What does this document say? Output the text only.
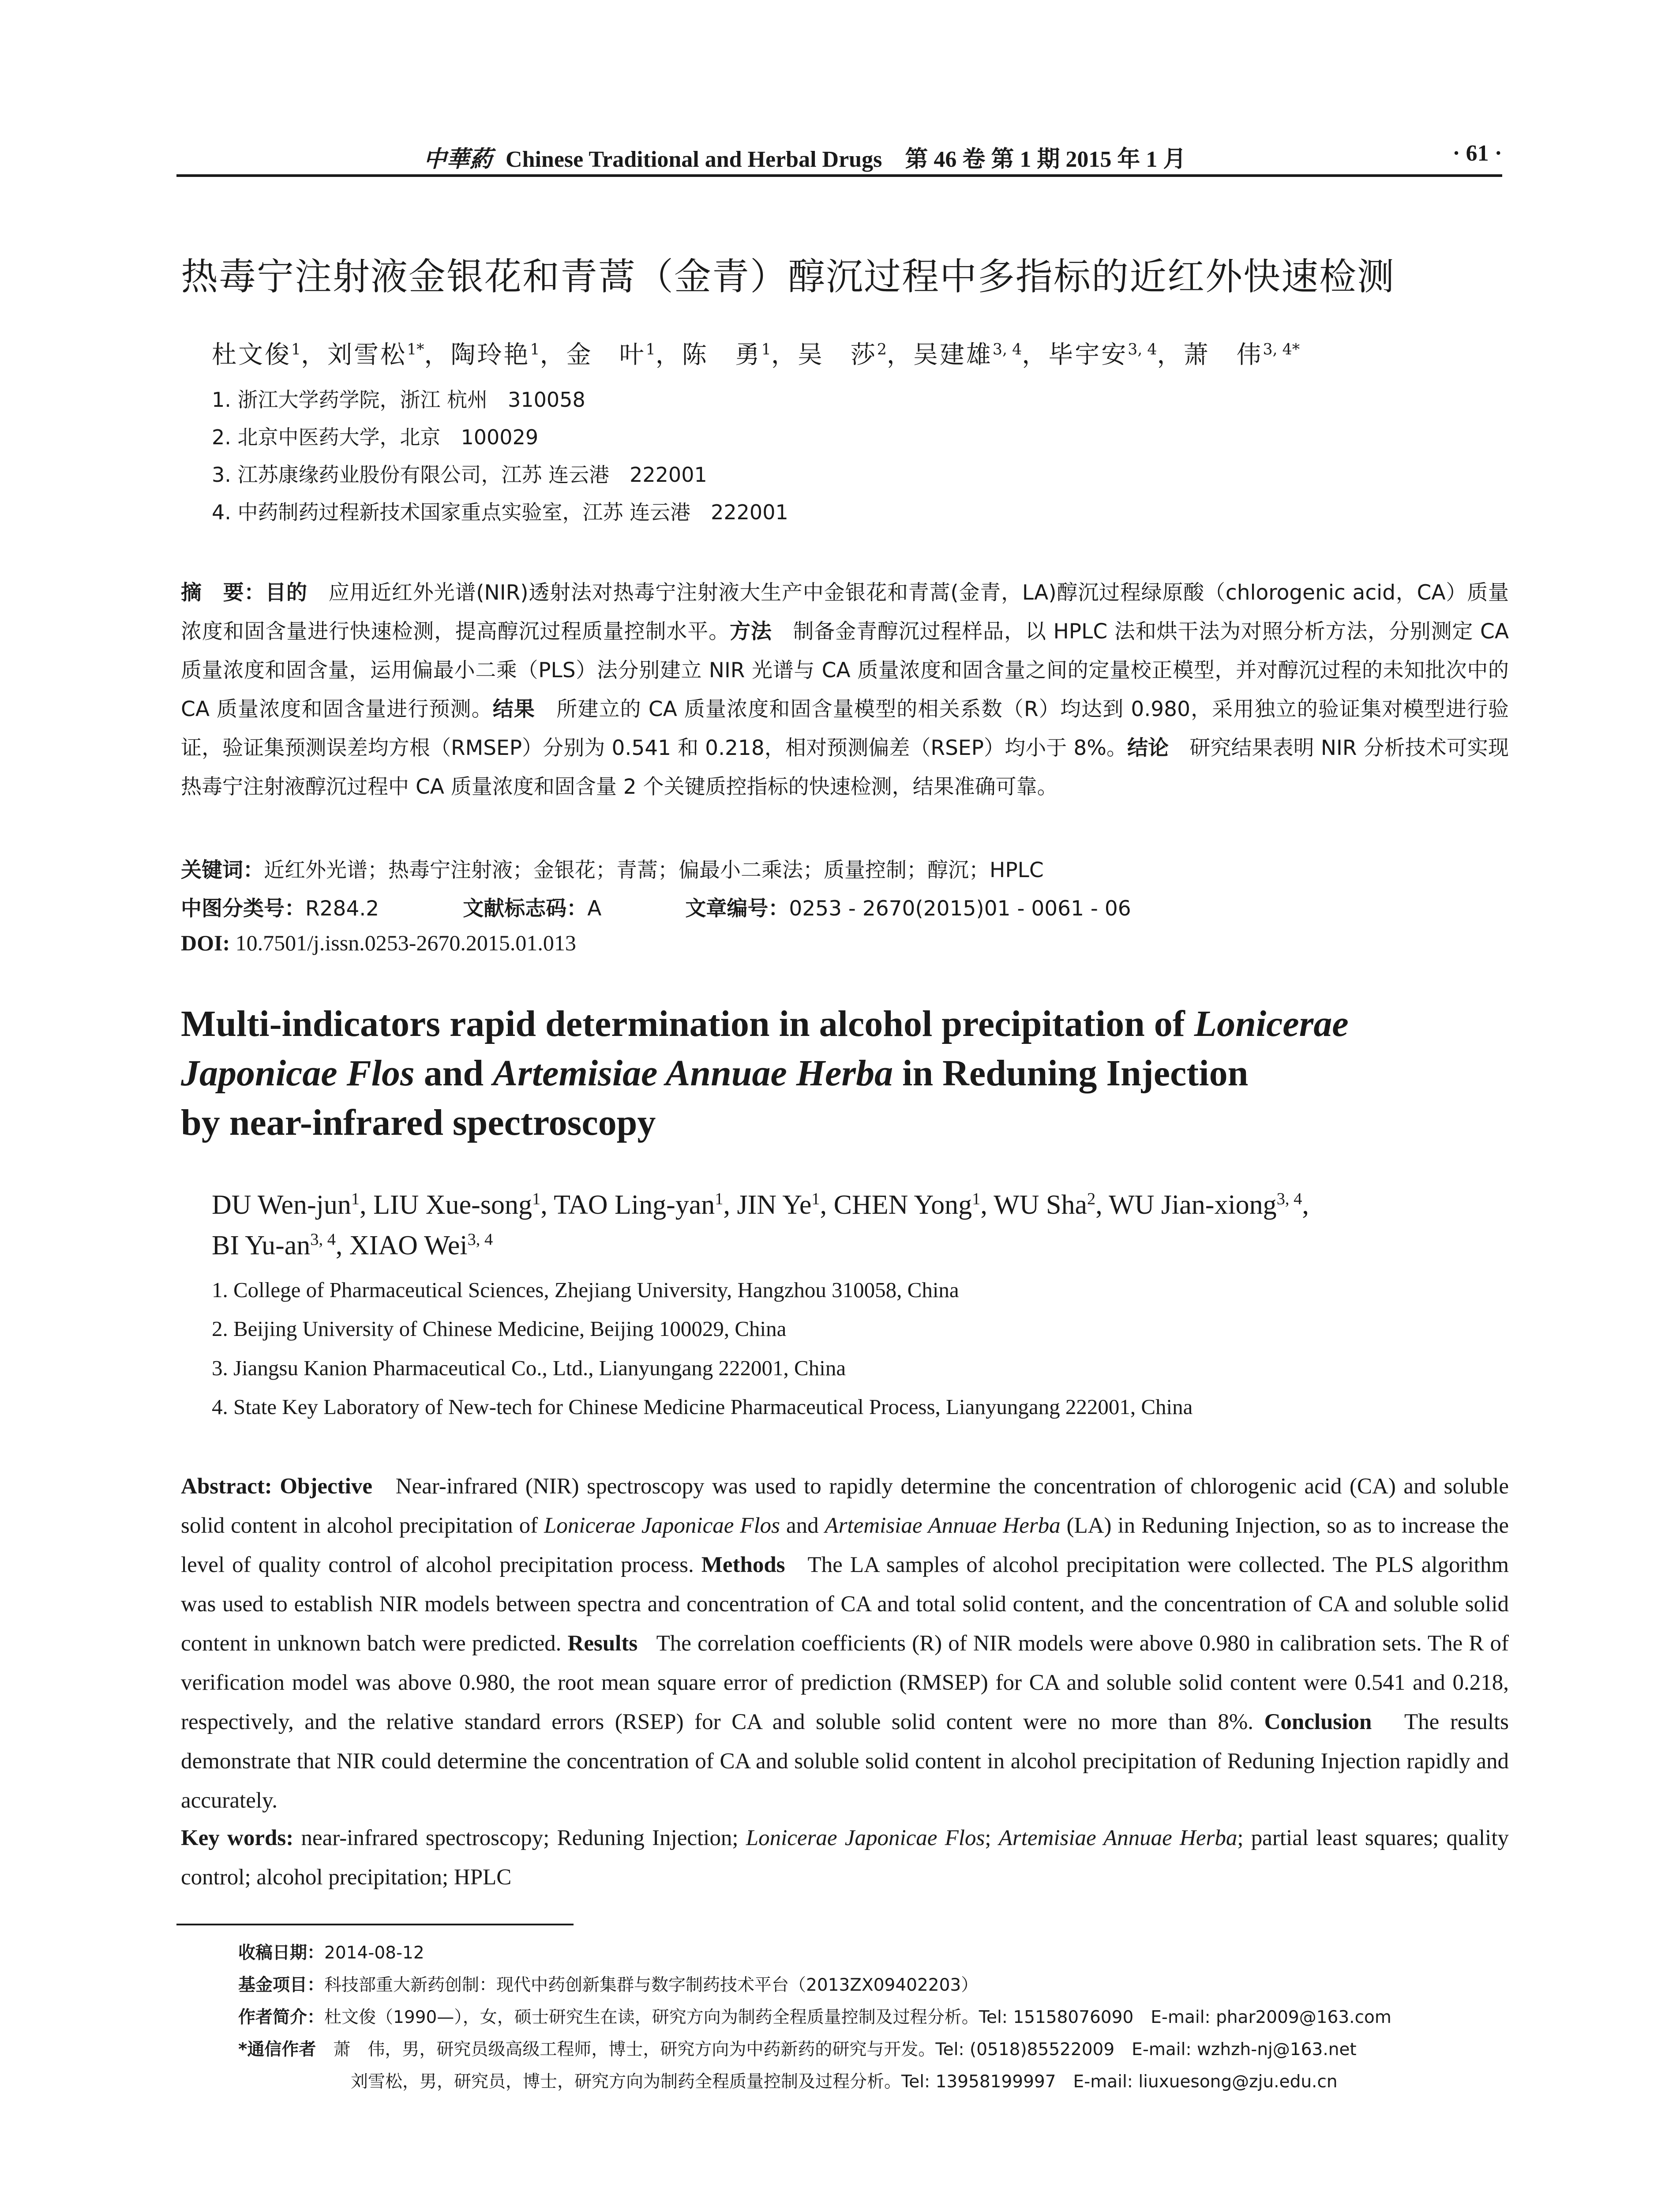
中華葯 Chinese Traditional and Herbal Drugs　第 46 卷 第 1 期 2015 年 1 月	· 61 ·
热毒宁注射液金银花和青蒿（金青）醇沉过程中多指标的近红外快速检测
杜文俊$^1$，刘雪松$^{1*}$，陶玲艳$^1$，金　叶$^1$，陈　勇$^1$，吴　莎$^2$，吴建雄$^{3, 4}$，毕宇安$^{3, 4}$，萧　伟$^{3, 4*}$
1. 浙江大学药学院，浙江 杭州　310058
2. 北京中医药大学，北京　100029
3. 江苏康缘药业股份有限公司，江苏 连云港　222001
4. 中药制药过程新技术国家重点实验室，江苏 连云港　222001
摘　要：目的　 应用近红外光谱(NIR)透射法对热毒宁注射液大生产中金银花和青蒿(金青，LA)醇沉过程绿原酸（chlorogenic acid，CA）质量浓度和固含量进行快速检测，提高醇沉过程质量控制水平。方法　 制备金青醇沉过程样品，以 HPLC 法和烘干法为对照分析方法，分别测定 CA 质量浓度和固含量，运用偏最小二乘（PLS）法分别建立 NIR 光谱与 CA 质量浓度和固含量之间的定量校正模型，并对醇沉过程的未知批次中的 CA 质量浓度和固含量进行预测。结果　 所建立的 CA 质量浓度和固含量模型的相关系数（R）均达到 0.980，采用独立的验证集对模型进行验证，验证集预测误差均方根（RMSEP）分别为 0.541 和 0.218，相对预测偏差（RSEP）均小于 8%。结论　 研究结果表明 NIR 分析技术可实现热毒宁注射液醇沉过程中 CA 质量浓度和固含量 2 个关键质控指标的快速检测，结果准确可靠。
关键词：近红外光谱；热毒宁注射液；金银花；青蒿；偏最小二乘法；质量控制；醇沉；HPLC
中图分类号：R284.2	文献标志码：A	文章编号：0253 - 2670(2015)01 - 0061 - 06
DOI: 10.7501/j.issn.0253-2670.2015.01.013
Multi-indicators rapid determination in alcohol precipitation of Lonicerae
Japonicae Flos and Artemisiae Annuae Herba in Reduning Injection
by near-infrared spectroscopy
DU Wen-jun$^1$, LIU Xue-song$^1$, TAO Ling-yan$^1$, JIN Ye$^1$, CHEN Yong$^1$, WU Sha$^2$, WU Jian-xiong$^{3, 4}$,
BI Yu-an$^{3, 4}$, XIAO Wei$^{3, 4}$
1. College of Pharmaceutical Sciences, Zhejiang University, Hangzhou 310058, China
2. Beijing University of Chinese Medicine, Beijing 100029, China
3. Jiangsu Kanion Pharmaceutical Co., Ltd., Lianyungang 222001, China
4. State Key Laboratory of New-tech for Chinese Medicine Pharmaceutical Process, Lianyungang 222001, China
Abstract: Objective Near-infrared (NIR) spectroscopy was used to rapidly determine the concentration of chlorogenic acid (CA) and soluble solid content in alcohol precipitation of Lonicerae Japonicae Flos and Artemisiae Annuae Herba (LA) in Reduning Injection, so as to increase the level of quality control of alcohol precipitation process. Methods The LA samples of alcohol precipitation were collected. The PLS algorithm was used to establish NIR models between spectra and concentration of CA and total solid content, and the concentration of CA and soluble solid content in unknown batch were predicted. Results The correlation coefficients (R) of NIR models were above 0.980 in calibration sets. The R of verification model was above 0.980, the root mean square error of prediction (RMSEP) for CA and soluble solid content were 0.541 and 0.218, respectively, and the relative standard errors (RSEP) for CA and soluble solid content were no more than 8%. Conclusion The results demonstrate that NIR could determine the concentration of CA and soluble solid content in alcohol precipitation of Reduning Injection rapidly and accurately.
Key words: near-infrared spectroscopy; Reduning Injection; Lonicerae Japonicae Flos; Artemisiae Annuae Herba; partial least squares; quality control; alcohol precipitation; HPLC
收稿日期：2014-08-12
基金项目：科技部重大新药创制：现代中药创新集群与数字制药技术平台（2013ZX09402203）
作者简介：杜文俊（1990—），女，硕士研究生在读，研究方向为制药全程质量控制及过程分析。Tel: 15158076090　E-mail: phar2009@163.com
*通信作者　 萧　伟，男，研究员级高级工程师，博士，研究方向为中药新药的研究与开发。Tel: (0518)85522009　E-mail: wzhzh-nj@163.net
刘雪松，男，研究员，博士，研究方向为制药全程质量控制及过程分析。Tel: 13958199997　E-mail: liuxuesong@zju.edu.cn
